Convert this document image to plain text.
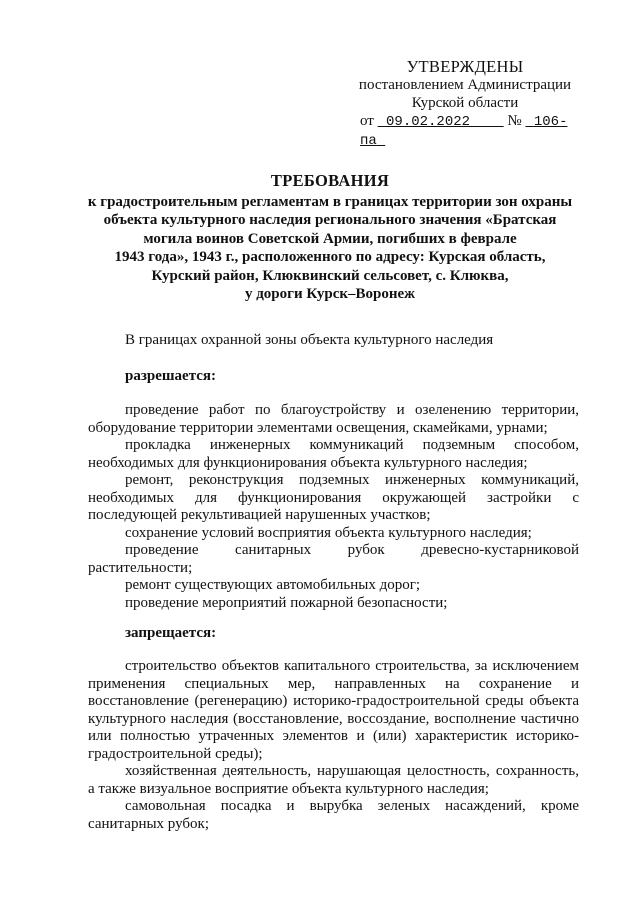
УТВЕРЖДЕНЫ
постановлением Администрации
Курской области
от 09.02.2022 № 106-па
ТРЕБОВАНИЯ
к градостроительным регламентам в границах территории зон охраны
объекта культурного наследия регионального значения «Братская
могила воинов Советской Армии, погибших в феврале
1943 года», 1943 г., расположенного по адресу: Курская область,
Курский район, Клюквинский сельсовет, с. Клюква,
у дороги Курск–Воронеж

В границах охранной зоны объекта культурного наследия

разрешается:

проведение работ по благоустройству и озеленению территории, оборудование территории элементами освещения, скамейками, урнами;

прокладка инженерных коммуникаций подземным способом, необходимых для функционирования объекта культурного наследия;

ремонт, реконструкция подземных инженерных коммуникаций, необходимых для функционирования окружающей застройки с последующей рекультивацией нарушенных участков;

сохранение условий восприятия объекта культурного наследия;

проведение санитарных рубок древесно-кустарниковой растительности;

ремонт существующих автомобильных дорог;

проведение мероприятий пожарной безопасности;

запрещается:

строительство объектов капитального строительства, за исключением применения специальных мер, направленных на сохранение и восстановление (регенерацию) историко-градостроительной среды объекта культурного наследия (восстановление, воссоздание, восполнение частично или полностью утраченных элементов и (или) характеристик историко-градостроительной среды);

хозяйственная деятельность, нарушающая целостность, сохранность, а также визуальное восприятие объекта культурного наследия;

самовольная посадка и вырубка зеленых насаждений, кроме санитарных рубок;
